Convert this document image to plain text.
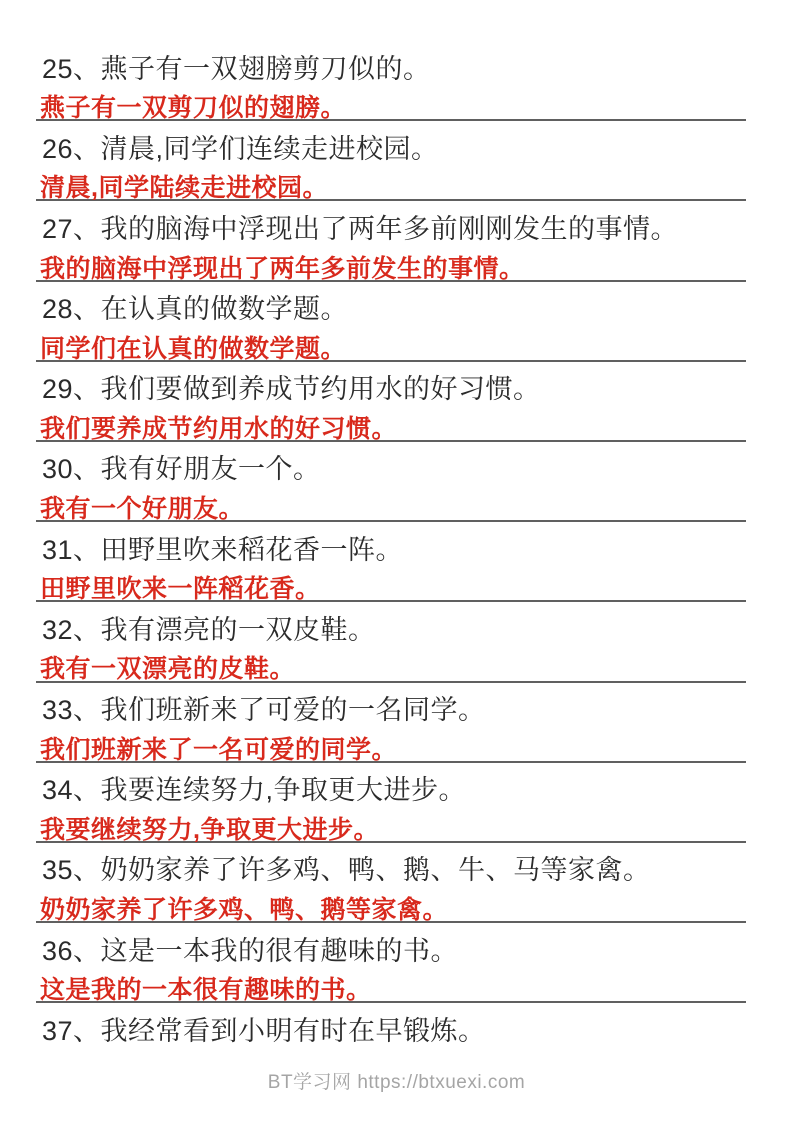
25、燕子有一双翅膀剪刀似的。
燕子有一双剪刀似的翅膀。
26、清晨,同学们连续走进校园。
清晨,同学陆续走进校园。
27、我的脑海中浮现出了两年多前刚刚发生的事情。
我的脑海中浮现出了两年多前发生的事情。
28、在认真的做数学题。
同学们在认真的做数学题。
29、我们要做到养成节约用水的好习惯。
我们要养成节约用水的好习惯。
30、我有好朋友一个。
我有一个好朋友。
31、田野里吹来稻花香一阵。
田野里吹来一阵稻花香。
32、我有漂亮的一双皮鞋。
我有一双漂亮的皮鞋。
33、我们班新来了可爱的一名同学。
我们班新来了一名可爱的同学。
34、我要连续努力,争取更大进步。
我要继续努力,争取更大进步。
35、奶奶家养了许多鸡、鸭、鹅、牛、马等家禽。
奶奶家养了许多鸡、鸭、鹅等家禽。
36、这是一本我的很有趣味的书。
这是我的一本很有趣味的书。
37、我经常看到小明有时在早锻炼。
BT学习网 https://btxuexi.com
